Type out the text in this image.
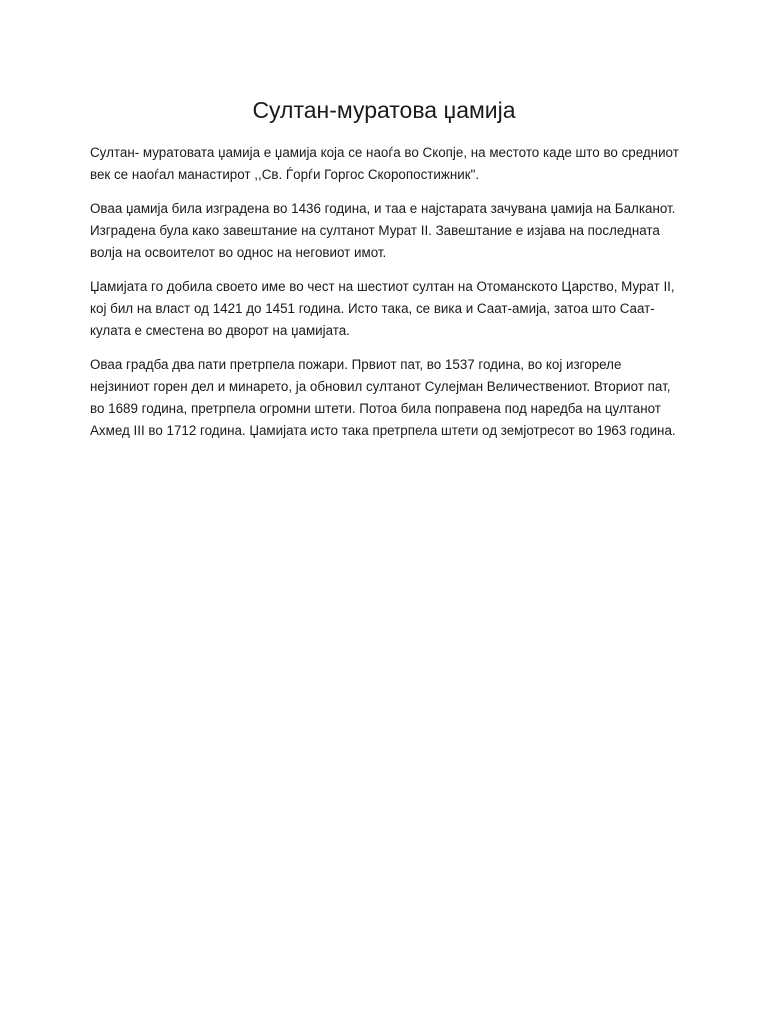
Султан-муратова џамија

Султан- муратовата џамија е џамија која се наоѓа во Скопје, на местото каде што во средниот век се наоѓал манастирот ,,Св. Ѓорѓи Горгос Скоропостижник".

Оваа џамија била изградена во 1436 година, и таа е најстарата зачувана џамија на Балканот. Изградена була како завештание на султанот Мурат II. Завештание е изјава на последната волја на освоителот во однос на неговиот имот.

Џамијата го добила своето име во чест на шестиот султан на Отоманското Царство, Мурат II, кој бил на власт од 1421 до 1451 година. Исто така, се вика и Саат-амија, затоа што Саат-кулата е сместена во дворот на џамијата.

Оваа градба два пати претрпела пожари. Првиот пат, во 1537 година, во кој изгореле нејзиниот горен дел и минарето, ја обновил султанот Сулејман Величествениот. Вториот пат, во 1689 година, претрпела огромни штети. Потоа била поправена под наредба на цултанот Ахмед III во 1712 година. Џамијата исто така претрпела штети од земјотресот во 1963 година.
